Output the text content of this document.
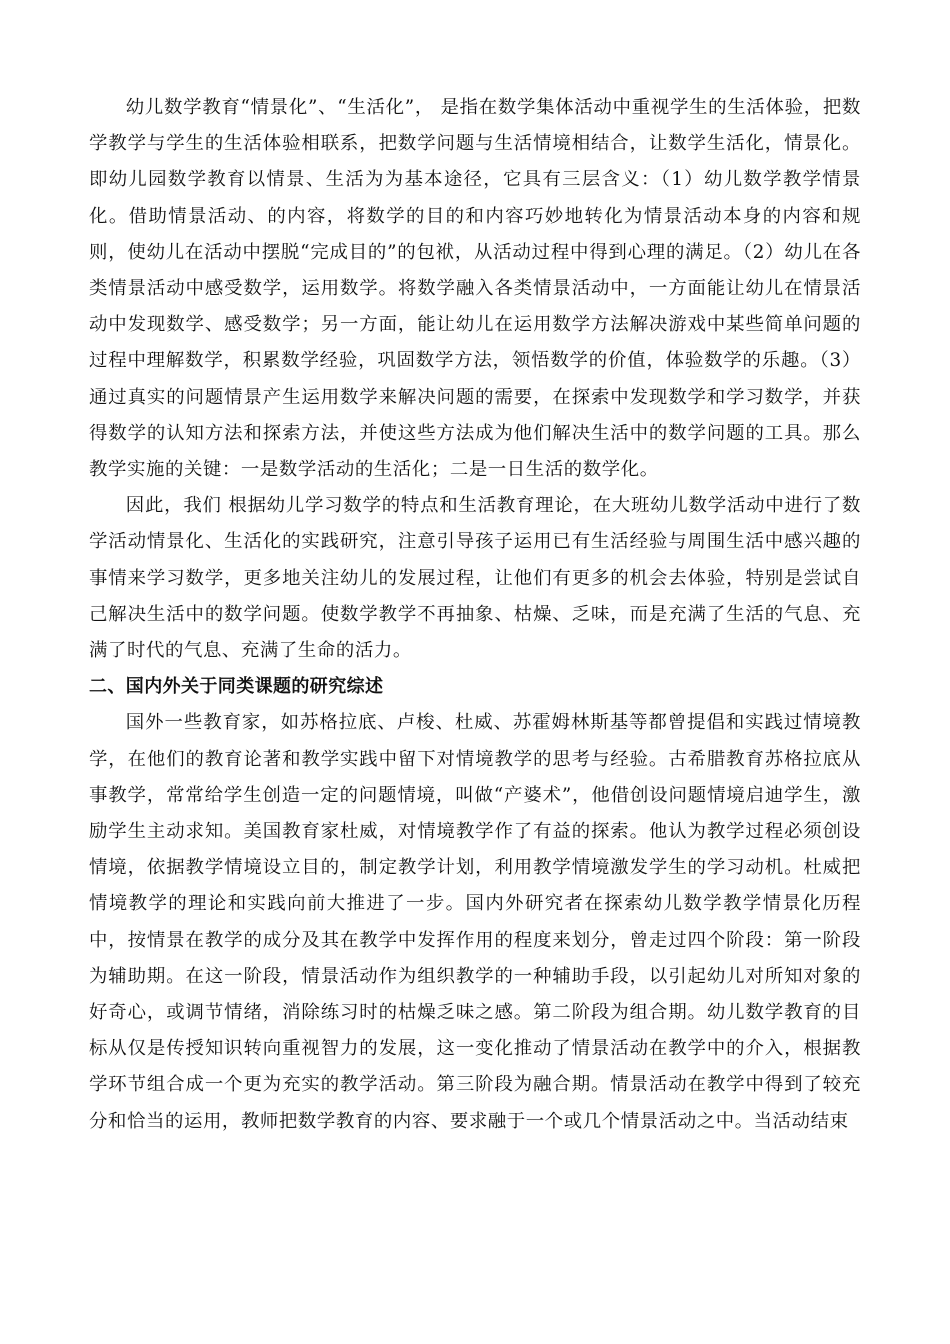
幼儿数学教育“情景化”、“生活化”， 是指在数学集体活动中重视学生的生活体验，把数学教学与学生的生活体验相联系，把数学问题与生活情境相结合，让数学生活化，情景化。 即幼儿园数学教育以情景、生活为为基本途径，它具有三层含义：（1）幼儿数学教学情景化。借助情景活动、的内容，将数学的目的和内容巧妙地转化为情景活动本身的内容和规则，使幼儿在活动中摆脱“完成目的”的包袱，从活动过程中得到心理的满足。（2）幼儿在各类情景活动中感受数学，运用数学。将数学融入各类情景活动中，一方面能让幼儿在情景活动中发现数学、感受数学；另一方面，能让幼儿在运用数学方法解决游戏中某些简单问题的过程中理解数学，积累数学经验，巩固数学方法，领悟数学的价值，体验数学的乐趣。（3）通过真实的问题情景产生运用数学来解决问题的需要，在探索中发现数学和学习数学，并获得数学的认知方法和探索方法，并使这些方法成为他们解决生活中的数学问题的工具。那么教学实施的关键：一是数学活动的生活化；二是一日生活的数学化。

因此，我们 根据幼儿学习数学的特点和生活教育理论，在大班幼儿数学活动中进行了数学活动情景化、生活化的实践研究，注意引导孩子运用已有生活经验与周围生活中感兴趣的事情来学习数学，更多地关注幼儿的发展过程，让他们有更多的机会去体验，特别是尝试自己解决生活中的数学问题。使数学教学不再抽象、枯燥、乏味，而是充满了生活的气息、充满了时代的气息、充满了生命的活力。

二、国内外关于同类课题的研究综述

国外一些教育家，如苏格拉底、卢梭、杜威、苏霍姆林斯基等都曾提倡和实践过情境教学，在他们的教育论著和教学实践中留下对情境教学的思考与经验。古希腊教育苏格拉底从事教学，常常给学生创造一定的问题情境，叫做“产婆术”，他借创设问题情境启迪学生，激励学生主动求知。美国教育家杜威，对情境教学作了有益的探索。他认为教学过程必须创设情境，依据教学情境设立目的，制定教学计划，利用教学情境激发学生的学习动机。杜威把情境教学的理论和实践向前大推进了一步。国内外研究者在探索幼儿数学教学情景化历程中，按情景在教学的成分及其在教学中发挥作用的程度来划分，曾走过四个阶段：第一阶段为辅助期。在这一阶段，情景活动作为组织教学的一种辅助手段，以引起幼儿对所知对象的好奇心，或调节情绪，消除练习时的枯燥乏味之感。第二阶段为组合期。幼儿数学教育的目标从仅是传授知识转向重视智力的发展，这一变化推动了情景活动在教学中的介入，根据教学环节组合成一个更为充实的教学活动。第三阶段为融合期。情景活动在教学中得到了较充分和恰当的运用，教师把数学教育的内容、要求融于一个或几个情景活动之中。当活动结束
